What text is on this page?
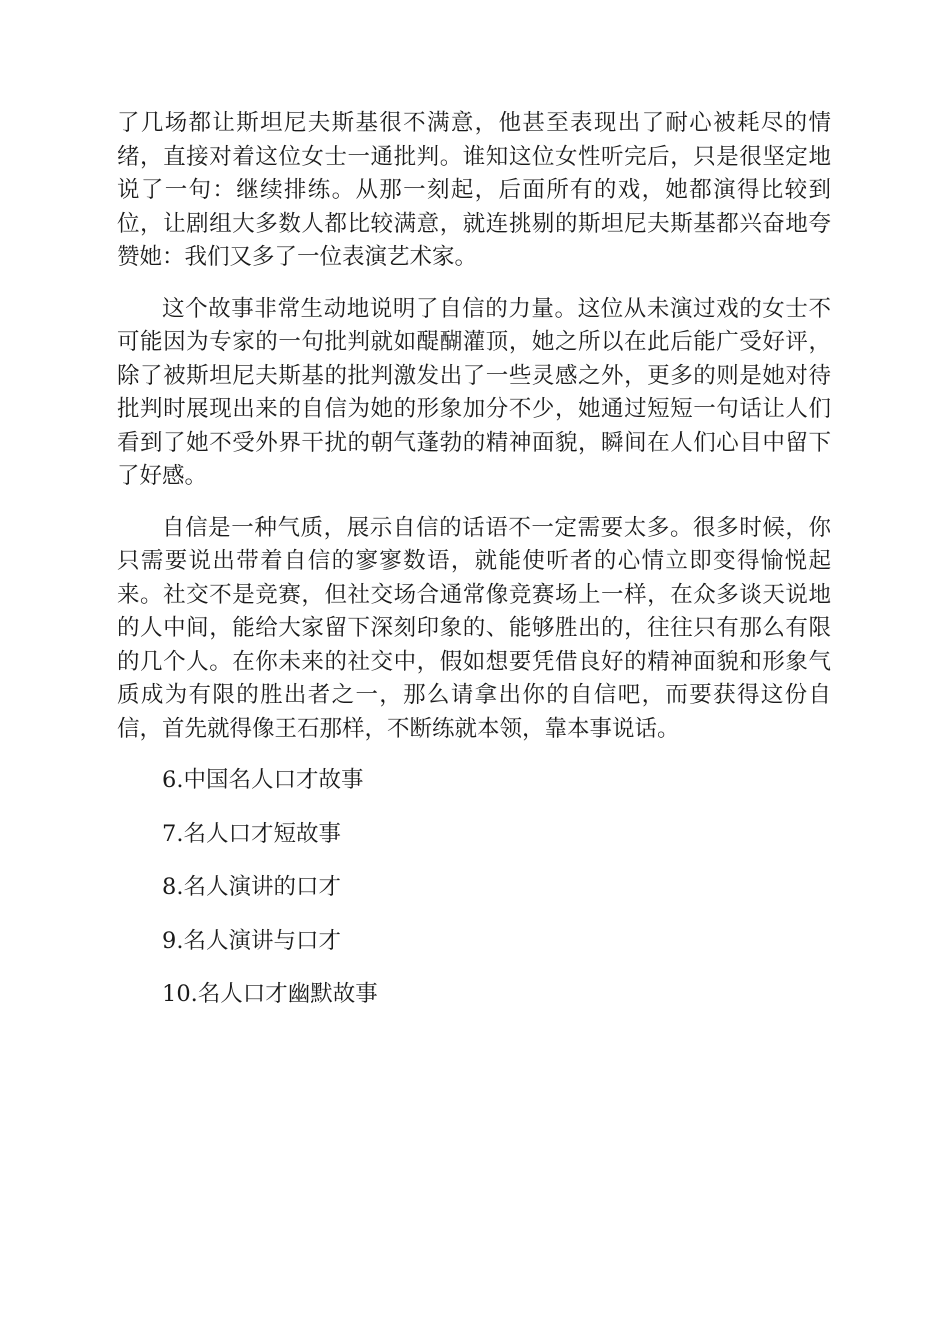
了几场都让斯坦尼夫斯基很不满意，他甚至表现出了耐心被耗尽的情绪，直接对着这位女士一通批判。谁知这位女性听完后，只是很坚定地说了一句：继续排练。从那一刻起，后面所有的戏，她都演得比较到位，让剧组大多数人都比较满意，就连挑剔的斯坦尼夫斯基都兴奋地夸赞她：我们又多了一位表演艺术家。

这个故事非常生动地说明了自信的力量。这位从未演过戏的女士不可能因为专家的一句批判就如醍醐灌顶，她之所以在此后能广受好评，除了被斯坦尼夫斯基的批判激发出了一些灵感之外，更多的则是她对待批判时展现出来的自信为她的形象加分不少，她通过短短一句话让人们看到了她不受外界干扰的朝气蓬勃的精神面貌，瞬间在人们心目中留下了好感。

自信是一种气质，展示自信的话语不一定需要太多。很多时候，你只需要说出带着自信的寥寥数语，就能使听者的心情立即变得愉悦起来。社交不是竞赛，但社交场合通常像竞赛场上一样，在众多谈天说地的人中间，能给大家留下深刻印象的、能够胜出的，往往只有那么有限的几个人。在你未来的社交中，假如想要凭借良好的精神面貌和形象气质成为有限的胜出者之一，那么请拿出你的自信吧，而要获得这份自信，首先就得像王石那样，不断练就本领，靠本事说话。

6.中国名人口才故事
7.名人口才短故事
8.名人演讲的口才
9.名人演讲与口才
10.名人口才幽默故事
